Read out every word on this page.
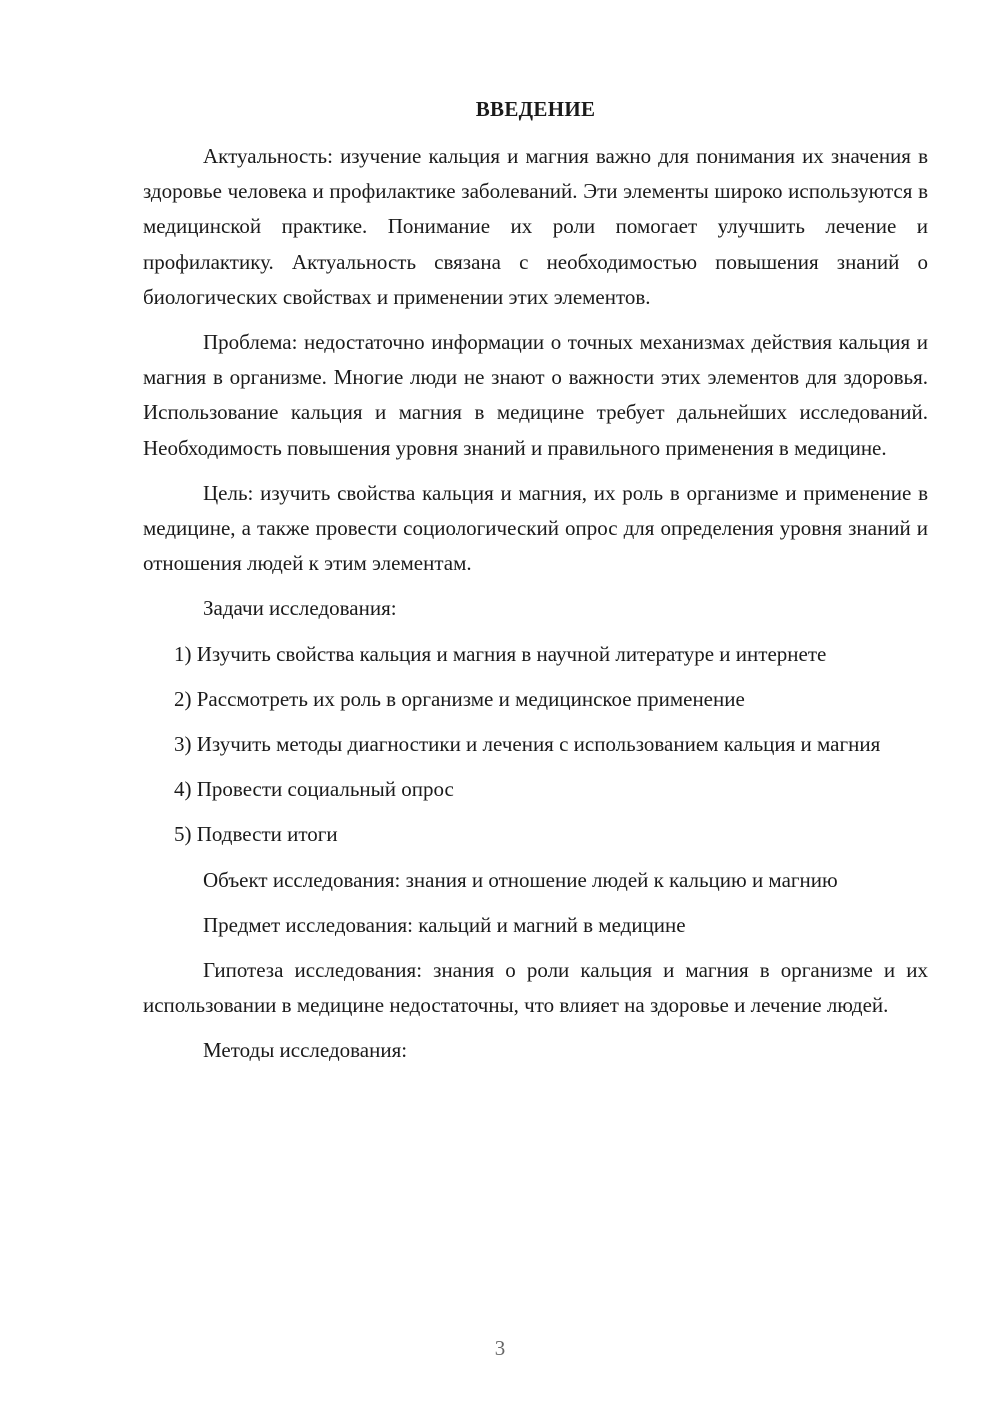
ВВЕДЕНИЕ

Актуальность: изучение кальция и магния важно для понимания их значения в здоровье человека и профилактике заболеваний. Эти элементы широко используются в медицинской практике. Понимание их роли помогает улучшить лечение и профилактику. Актуальность связана с необходимостью повышения знаний о биологических свойствах и применении этих элементов.

Проблема: недостаточно информации о точных механизмах действия кальция и магния в организме. Многие люди не знают о важности этих элементов для здоровья. Использование кальция и магния в медицине требует дальнейших исследований. Необходимость повышения уровня знаний и правильного применения в медицине.

Цель: изучить свойства кальция и магния, их роль в организме и применение в медицине, а также провести социологический опрос для определения уровня знаний и отношения людей к этим элементам.

Задачи исследования:

1) Изучить свойства кальция и магния в научной литературе и интернете

2) Рассмотреть их роль в организме и медицинское применение

3) Изучить методы диагностики и лечения с использованием кальция и магния

4) Провести социальный опрос

5) Подвести итоги

Объект исследования: знания и отношение людей к кальцию и магнию

Предмет исследования: кальций и магний в медицине

Гипотеза исследования: знания о роли кальция и магния в организме и их использовании в медицине недостаточны, что влияет на здоровье и лечение людей.

Методы исследования:

3
